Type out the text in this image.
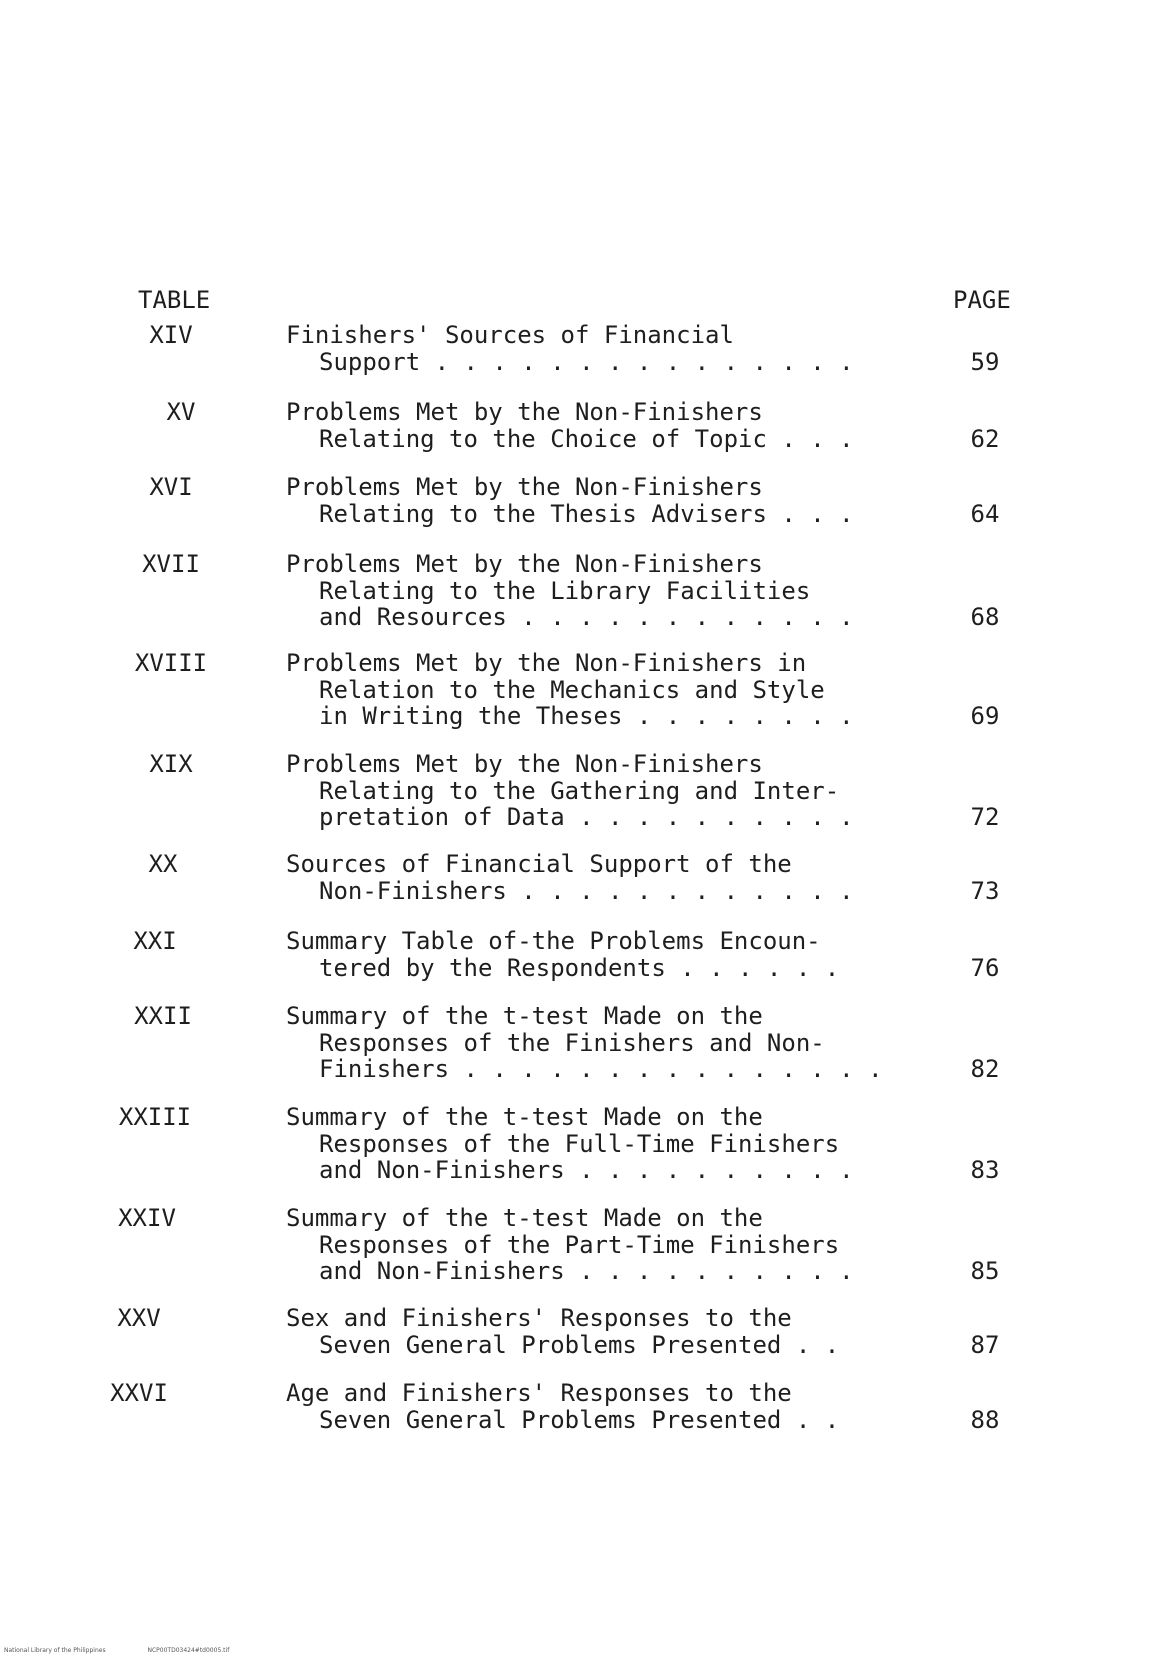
TABLE	PAGE
XIV	Finishers' Sources of Financial
Support . . . . . . . . . . . . . . .	59
XV	Problems Met by the Non-Finishers
Relating to the Choice of Topic . . .	62
XVI	Problems Met by the Non-Finishers
Relating to the Thesis Advisers . . .	64
XVII	Problems Met by the Non-Finishers
Relating to the Library Facilities
and Resources . . . . . . . . . . . .	68
XVIII	Problems Met by the Non-Finishers in
Relation to the Mechanics and Style
in Writing the Theses . . . . . . . .	69
XIX	Problems Met by the Non-Finishers
Relating to the Gathering and Inter-
pretation of Data . . . . . . . . . .	72
XX	Sources of Financial Support of the
Non-Finishers . . . . . . . . . . . .	73
XXI	Summary Table of-the Problems Encoun-
tered by the Respondents . . . . . .	76
XXII	Summary of the t-test Made on the
Responses of the Finishers and Non-
Finishers . . . . . . . . . . . . . . .	82
XXIII	Summary of the t-test Made on the
Responses of the Full-Time Finishers
and Non-Finishers . . . . . . . . . .	83
XXIV	Summary of the t-test Made on the
Responses of the Part-Time Finishers
and Non-Finishers . . . . . . . . . .	85
XXV	Sex and Finishers' Responses to the
Seven General Problems Presented . .	87
XXVI	Age and Finishers' Responses to the
Seven General Problems Presented . .	88
National Library of the Philippines	NCP00TD03424#td0005.tif
